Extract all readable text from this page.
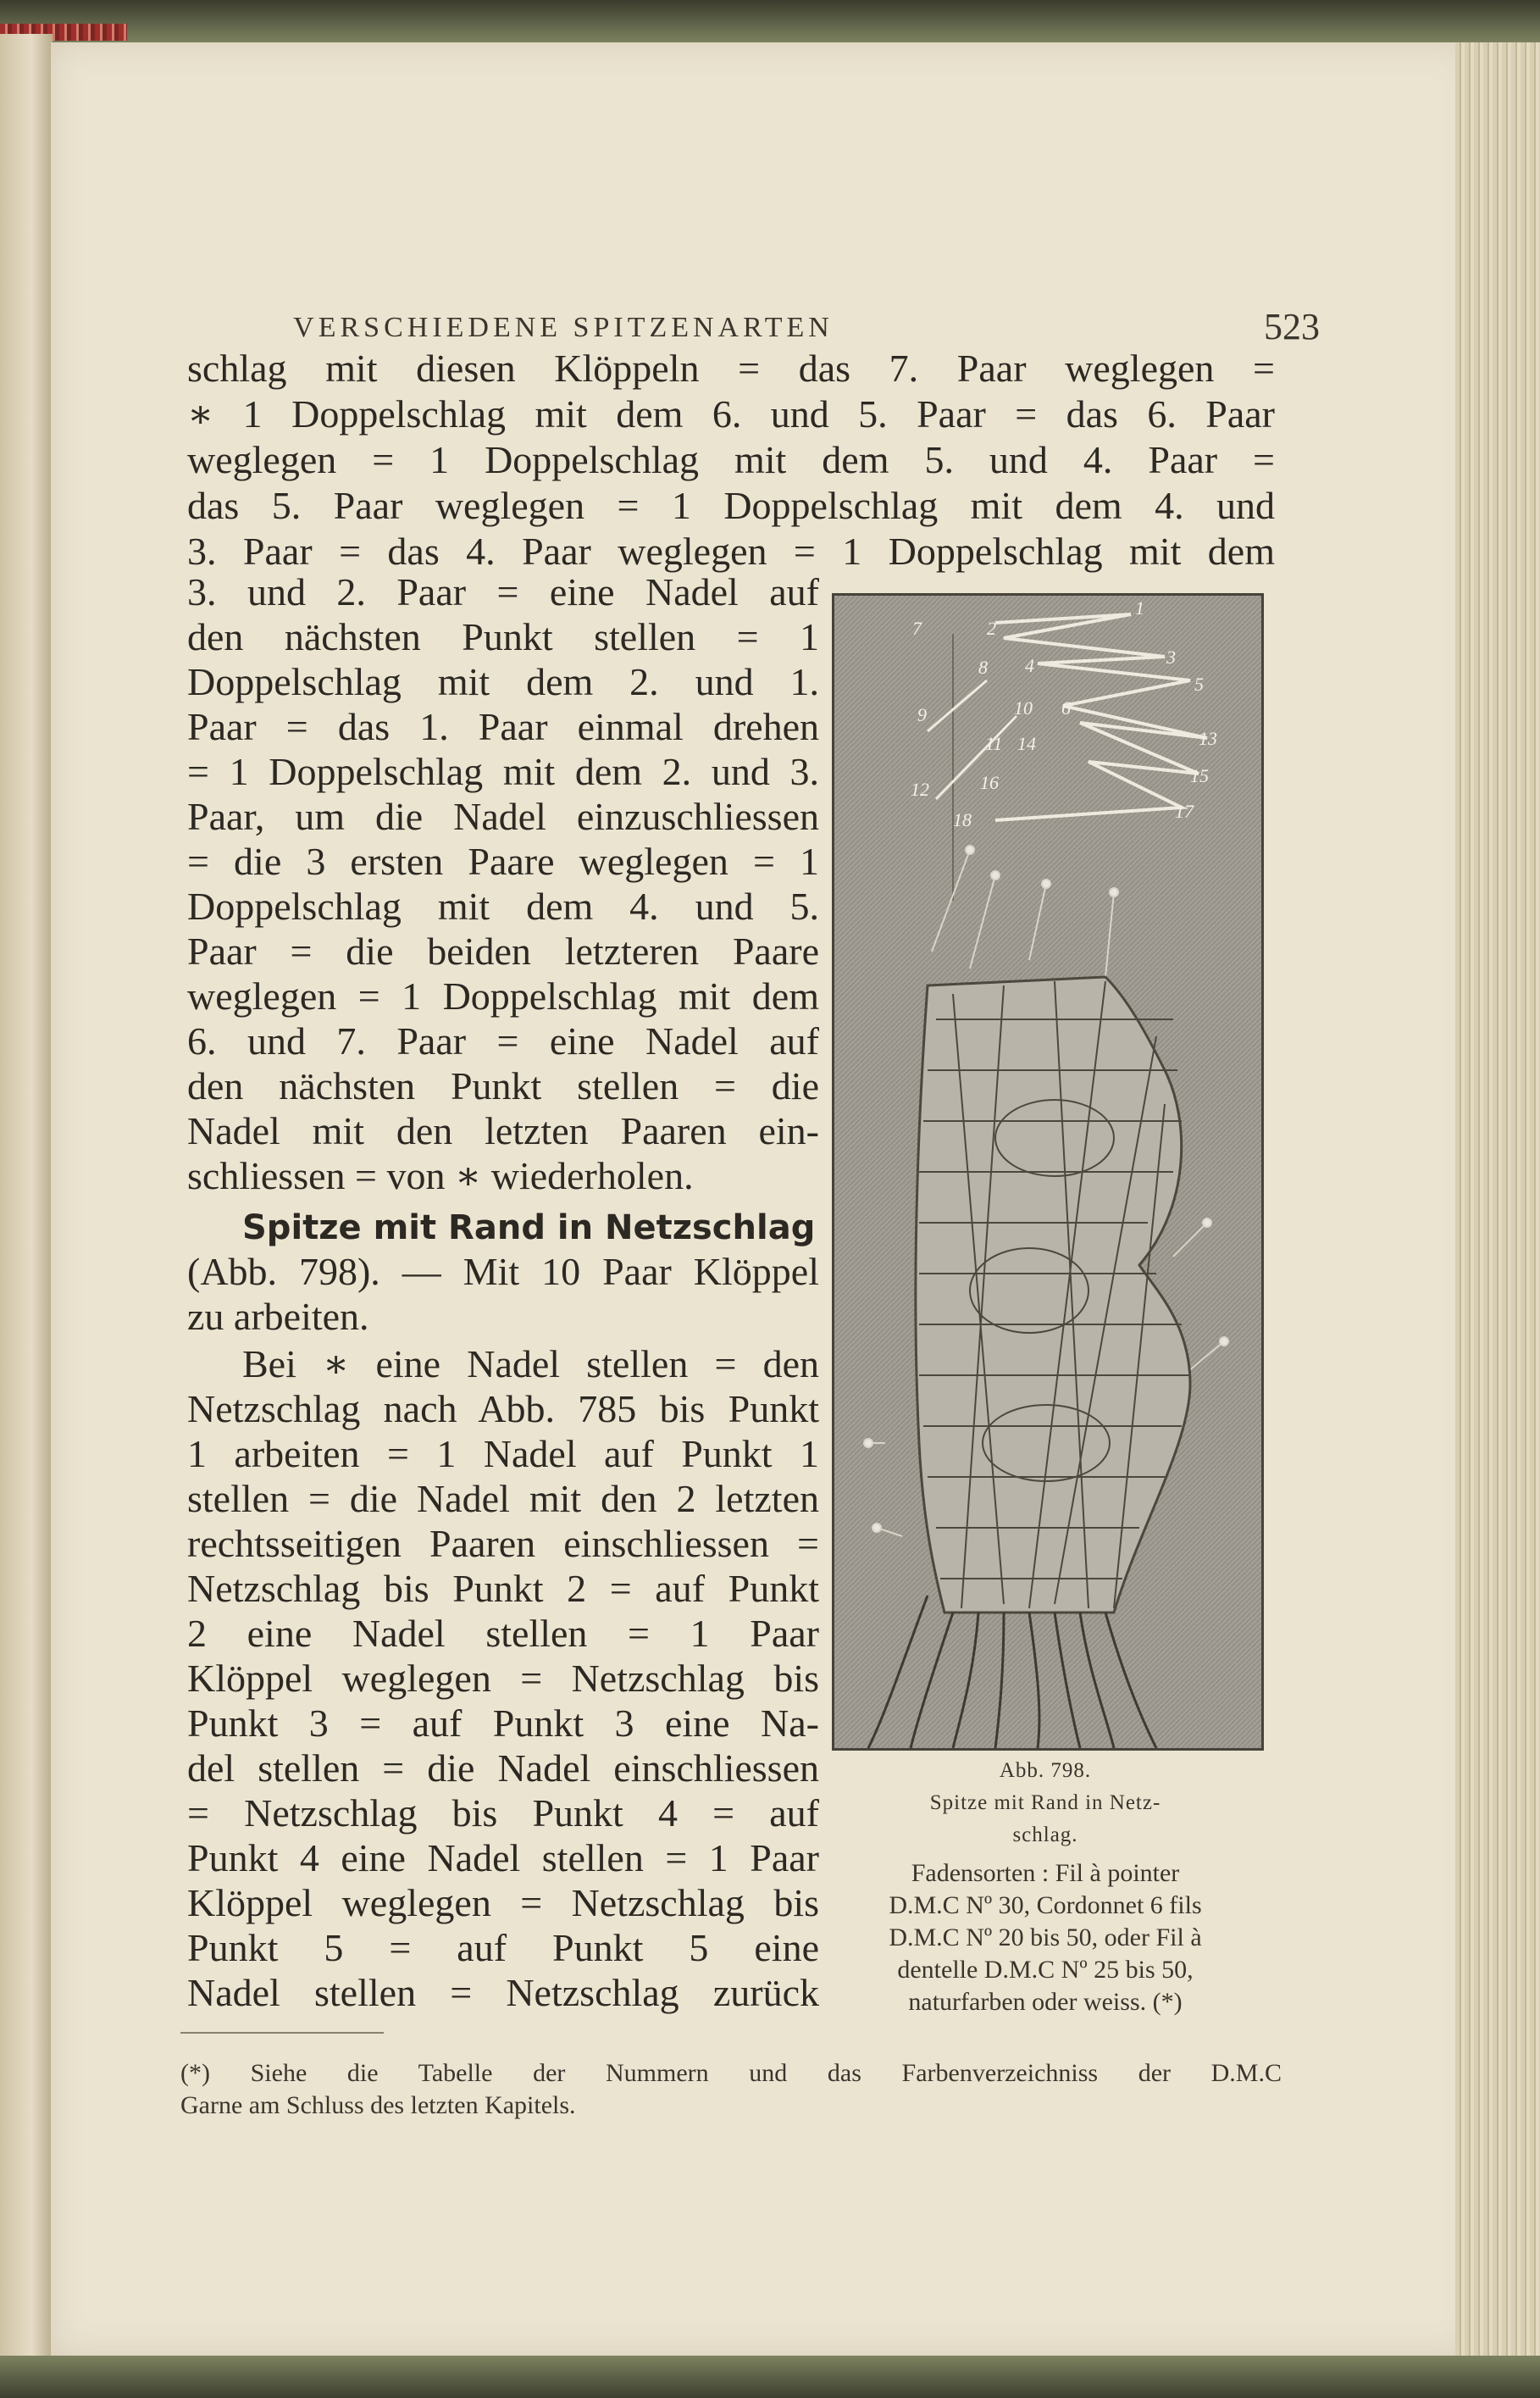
VERSCHIEDENE SPITZENARTEN	523
schlag mit diesen Klöppeln = das 7. Paar weglegen =
∗ 1 Doppelschlag mit dem 6. und 5. Paar = das 6. Paar
weglegen = 1 Doppelschlag mit dem 5. und 4. Paar =
das 5. Paar weglegen = 1 Doppelschlag mit dem 4. und
3. Paar = das 4. Paar weglegen = 1 Doppelschlag mit dem
3. und 2. Paar = eine Nadel auf
den nächsten Punkt stellen = 1
Doppelschlag mit dem 2. und 1.
Paar = das 1. Paar einmal drehen
= 1 Doppelschlag mit dem 2. und 3.
Paar, um die Nadel einzuschliessen
= die 3 ersten Paare weglegen = 1
Doppelschlag mit dem 4. und 5.
Paar = die beiden letzteren Paare
weglegen = 1 Doppelschlag mit dem
6. und 7. Paar = eine Nadel auf
den nächsten Punkt stellen = die
Nadel mit den letzten Paaren ein-
schliessen = von ∗ wiederholen.
Spitze mit Rand in Netzschlag
(Abb. 798). — Mit 10 Paar Klöppel
zu arbeiten.
Bei ∗ eine Nadel stellen = den
Netzschlag nach Abb. 785 bis Punkt
1 arbeiten = 1 Nadel auf Punkt 1
stellen = die Nadel mit den 2 letzten
rechtsseitigen Paaren einschliessen =
Netzschlag bis Punkt 2 = auf Punkt
2 eine Nadel stellen = 1 Paar
Klöppel weglegen = Netzschlag bis
Punkt 3 = auf Punkt 3 eine Na-
del stellen = die Nadel einschliessen
= Netzschlag bis Punkt 4 = auf
Punkt 4 eine Nadel stellen = 1 Paar
Klöppel weglegen = Netzschlag bis
Punkt 5 = auf Punkt 5 eine
Nadel stellen = Netzschlag zurück
1
2
3
4
5
6
7
8
9	10
11
12
13
14
15
16
17
18
Abb. 798.
Spitze mit Rand in Netz-
schlag.
Fadensorten : Fil à pointer
D.M.C Nº 30, Cordonnet 6 fils
D.M.C Nº 20 bis 50, oder Fil à
dentelle D.M.C Nº 25 bis 50,
naturfarben oder weiss. (*)
(*) Siehe die Tabelle der Nummern und das Farbenverzeichniss der D.M.C
Garne am Schluss des letzten Kapitels.
